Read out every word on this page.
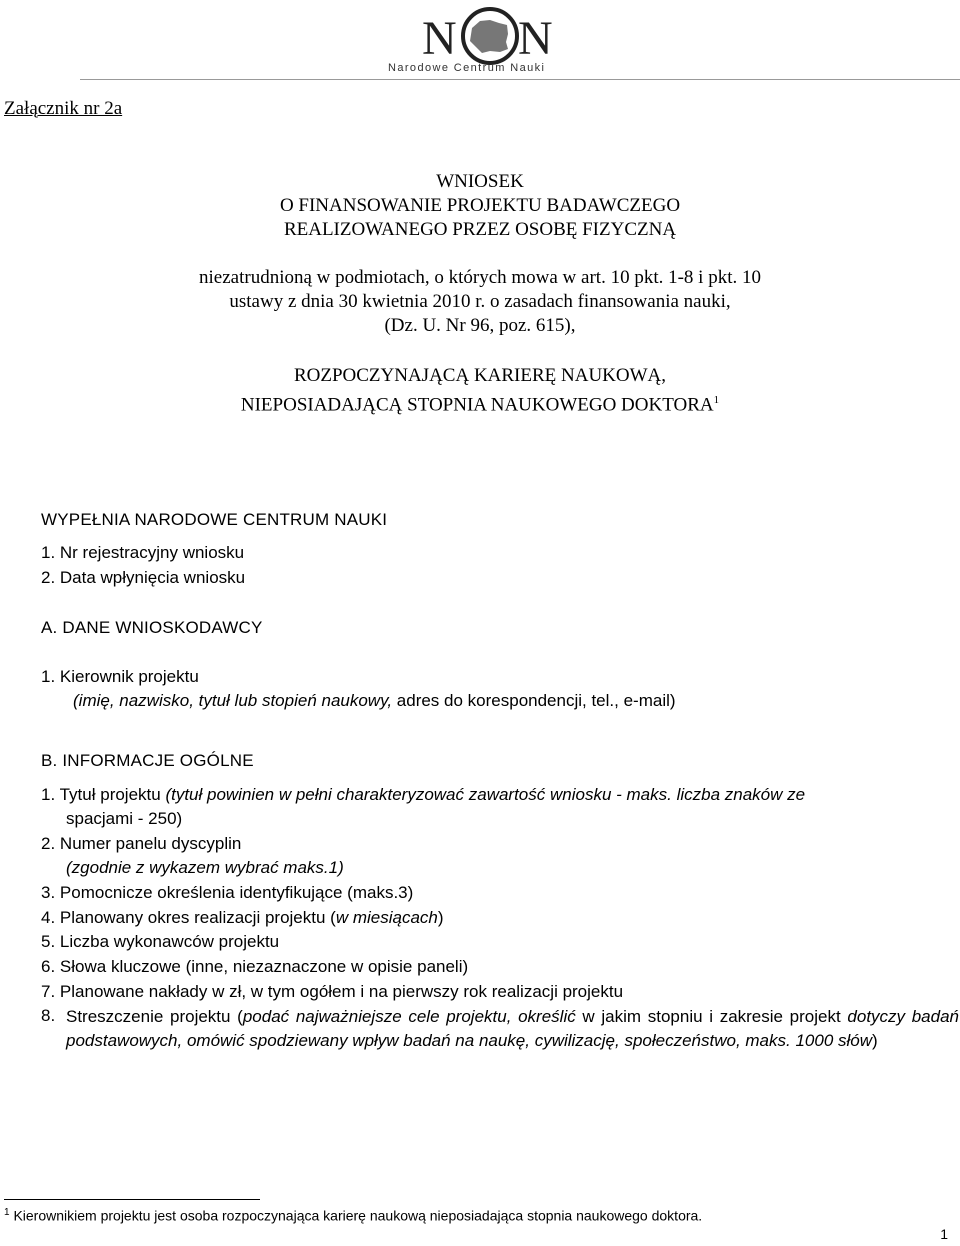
N N
Narodowe Centrum Nauki
Załącznik nr 2a
WNIOSEK
O FINANSOWANIE PROJEKTU BADAWCZEGO
REALIZOWANEGO PRZEZ OSOBĘ FIZYCZNĄ
niezatrudnioną w podmiotach, o których mowa w art. 10 pkt. 1-8 i pkt. 10
ustawy z dnia 30 kwietnia 2010 r. o zasadach finansowania nauki,
(Dz. U. Nr 96, poz. 615),
ROZPOCZYNAJĄCĄ KARIERĘ NAUKOWĄ,
NIEPOSIADAJĄCĄ STOPNIA NAUKOWEGO DOKTORA$^1$
WYPEŁNIA NARODOWE CENTRUM NAUKI
1. Nr rejestracyjny wniosku
2. Data wpłynięcia wniosku
A. DANE WNIOSKODAWCY
1. Kierownik projektu
(imię, nazwisko, tytuł lub stopień naukowy, adres do korespondencji, tel., e-mail)
B. INFORMACJE OGÓLNE
1. Tytuł projektu (tytuł powinien w pełni charakteryzować zawartość wniosku - maks. liczba znaków ze
spacjami - 250)
2. Numer panelu dyscyplin
(zgodnie z wykazem wybrać maks.1)
3. Pomocnicze określenia identyfikujące (maks.3)
4. Planowany okres realizacji projektu (w miesiącach)
5. Liczba wykonawców projektu
6. Słowa kluczowe (inne, niezaznaczone w opisie paneli)
7. Planowane nakłady w zł, w tym ogółem i na pierwszy rok realizacji projektu
8. Streszczenie projektu (podać najważniejsze cele projektu, określić w jakim stopniu i zakresie projekt dotyczy badań podstawowych, omówić spodziewany wpływ badań na naukę, cywilizację, społeczeństwo, maks. 1000 słów)
$^1$ Kierownikiem projektu jest osoba rozpoczynająca karierę naukową nieposiadająca stopnia naukowego doktora.
1
